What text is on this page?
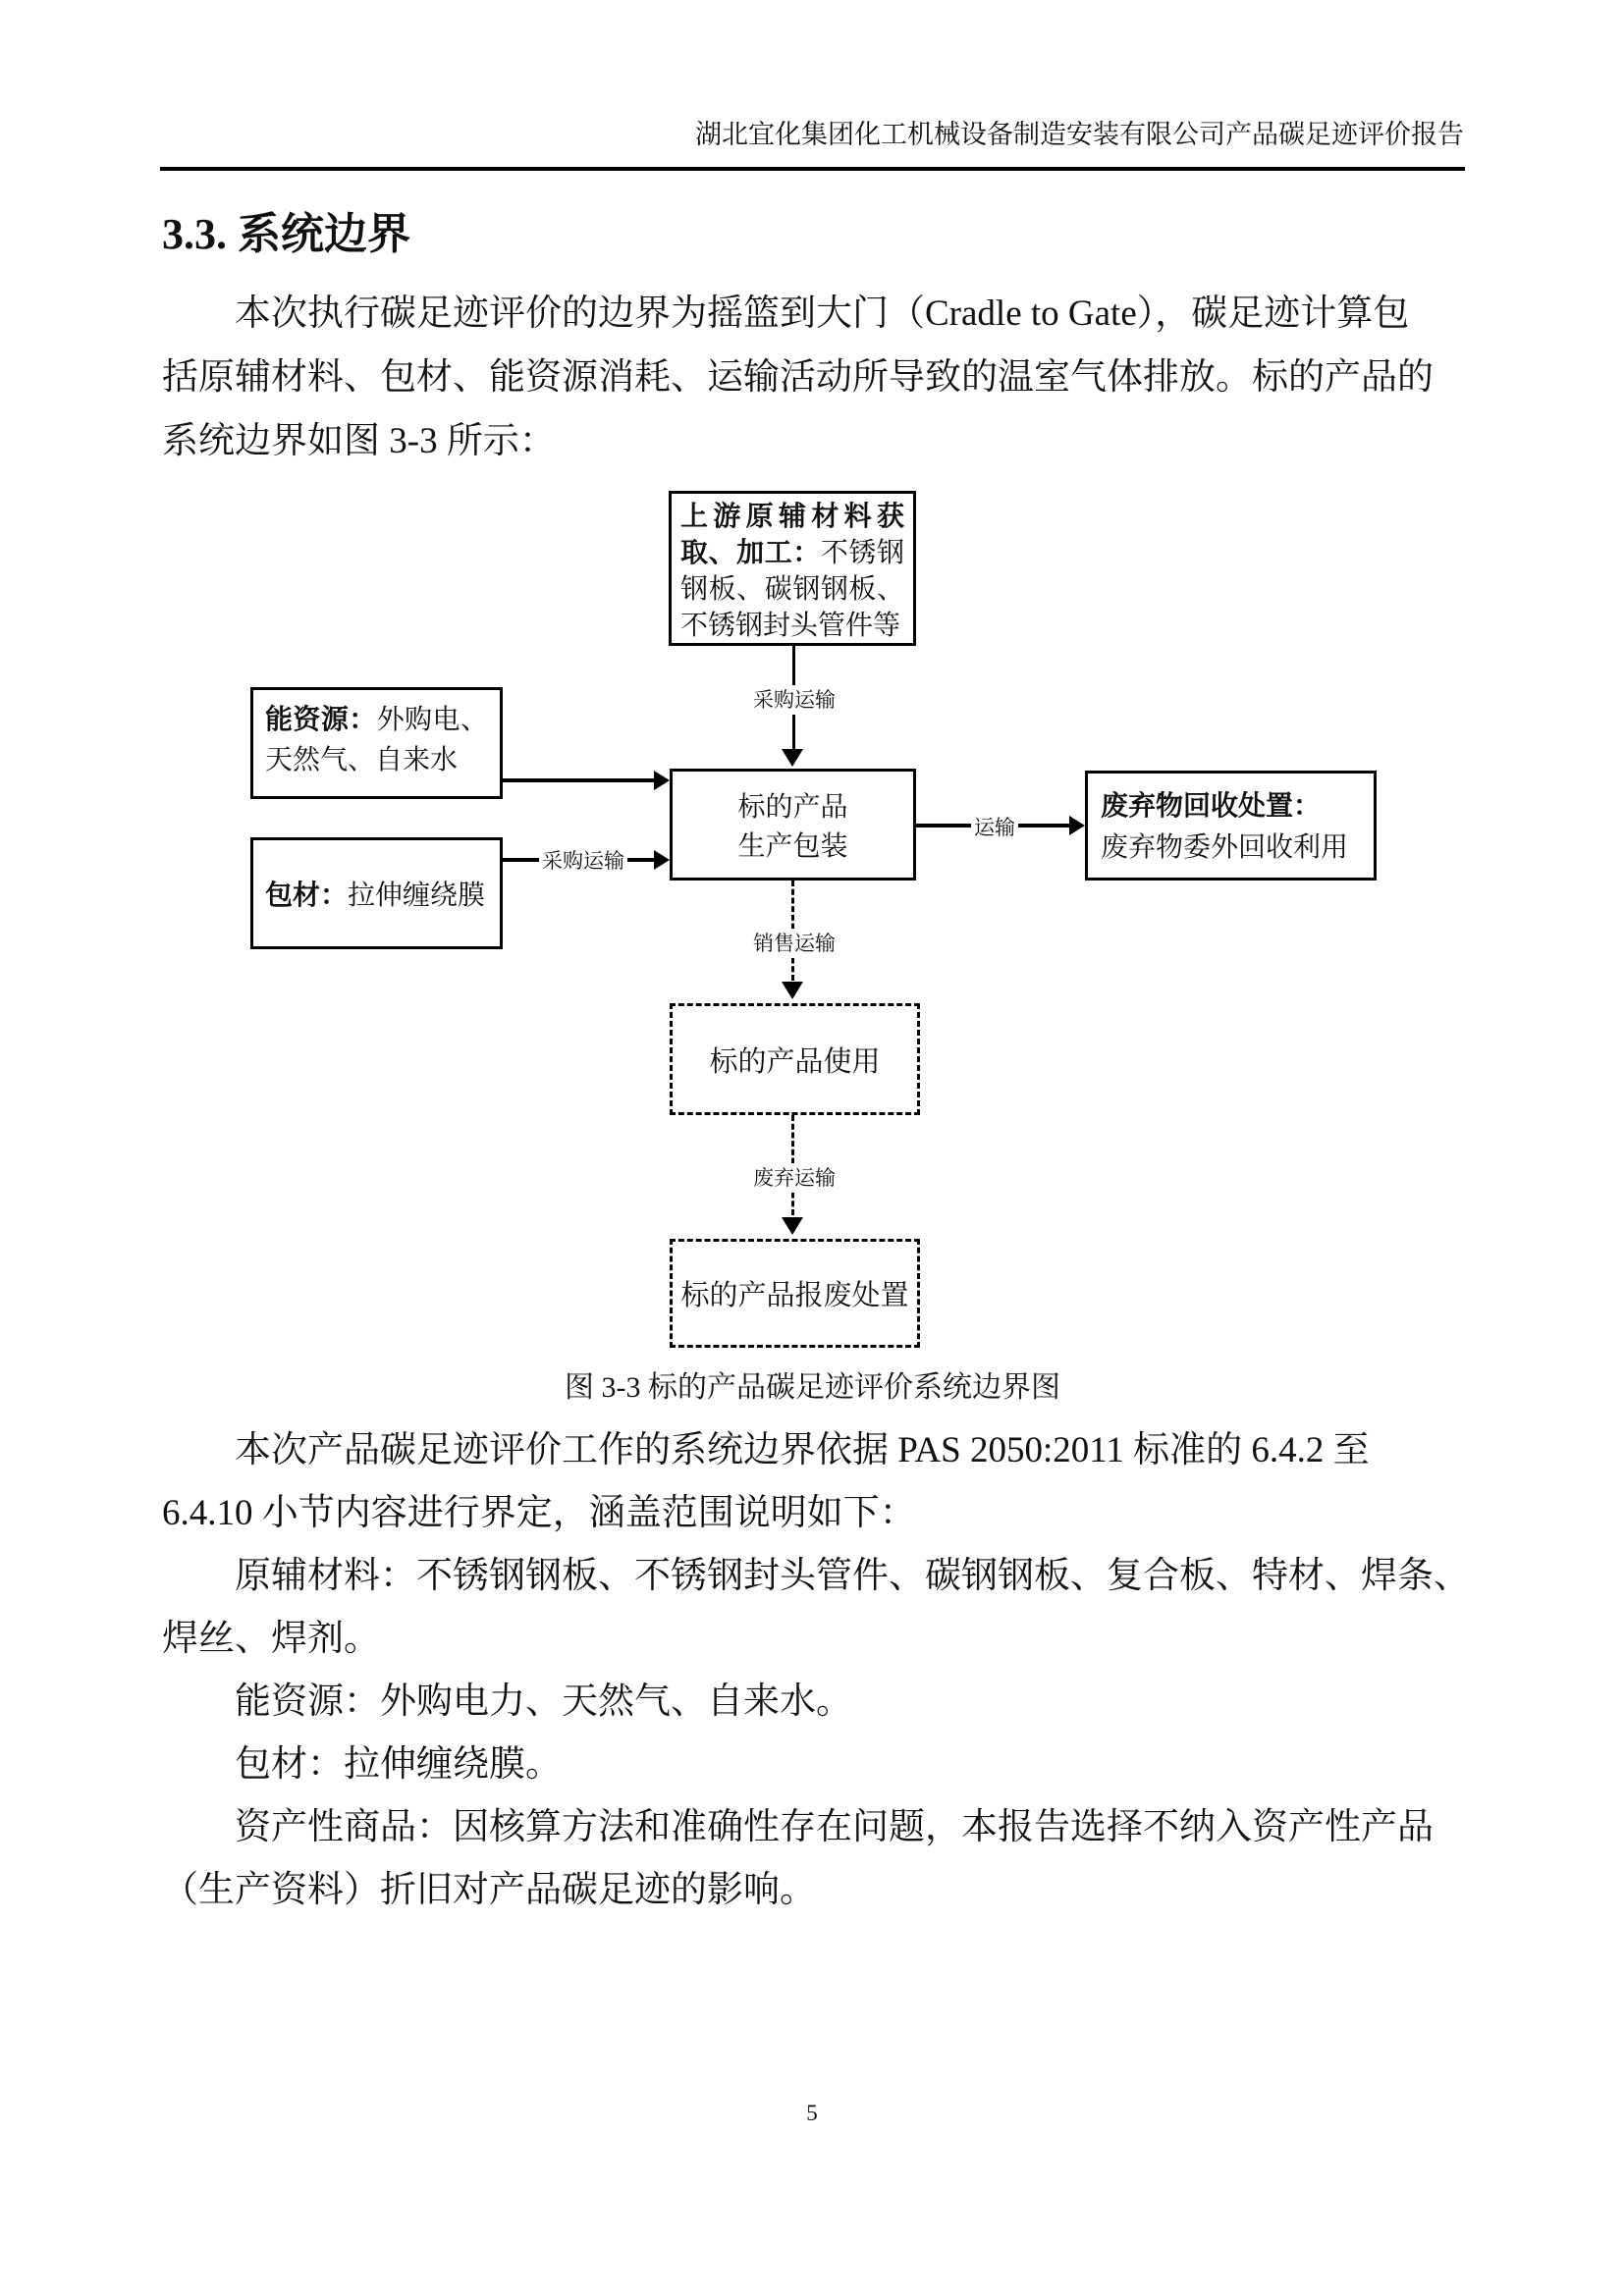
湖北宜化集团化工机械设备制造安装有限公司产品碳足迹评价报告
3.3. 系统边界
本次执行碳足迹评价的边界为摇篮到大门（Cradle to Gate），碳足迹计算包
括原辅材料、包材、能资源消耗、运输活动所导致的温室气体排放。标的产品的
系统边界如图 3-3 所示：
上游原辅材料获取、加工：不锈钢钢板、碳钢钢板、不锈钢封头管件等
采购运输
能资源：外购电、天然气、自来水
包材：拉伸缠绕膜
采购运输
标的产品
生产包装
运输
废弃物回收处置：
废弃物委外回收利用
销售运输
标的产品使用
废弃运输
标的产品报废处置
图 3-3 标的产品碳足迹评价系统边界图
本次产品碳足迹评价工作的系统边界依据 PAS 2050:2011 标准的 6.4.2 至
6.4.10 小节内容进行界定，涵盖范围说明如下：
原辅材料：不锈钢钢板、不锈钢封头管件、碳钢钢板、复合板、特材、焊条、
焊丝、焊剂。
能资源：外购电力、天然气、自来水。
包材：拉伸缠绕膜。
资产性商品：因核算方法和准确性存在问题，本报告选择不纳入资产性产品
（生产资料）折旧对产品碳足迹的影响。
5
